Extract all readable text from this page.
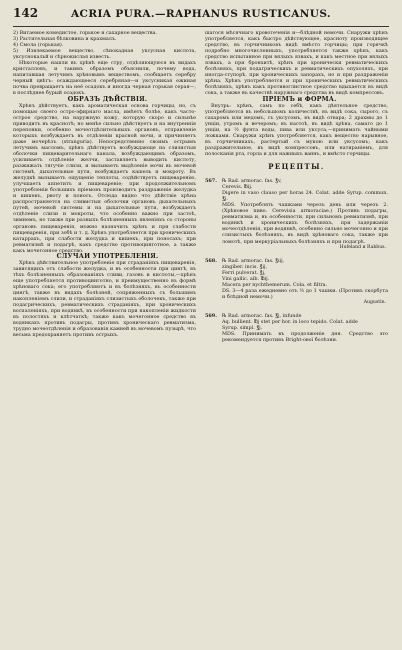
142	ACRIA PURA.—RAPHANUS RUSTICANUS.

2) Витаемое комедистое, горькое и сахарное вещества.

3) Растительная бѣлковина и крахмалъ.

4) Смола (горькая).

5) Извлекаемое вещество, сѣнокадная уксусная кислота, уксуснокальй и сѣрнокислая известь.

Нѣкоторые нашли въ хрѣнѣ еще стру, отдѣляющуюся въ видахъ кристалловъ, и такимъ образомъ объяснили, почему вода, напитавшая летучимъ хрѣновымъ веществомъ, сообщаетъ серебру черный цвѣтъ: осаждающееся серебряная—и уксусникая ежиная почва превращаетъ на неё осадокъ и иногда черная горькая серая—, в послѣднее бурый осадокъ.

ОБРАЗЪ ДѢЙСТВІЯ.

Хрѣнъ дѣйствуетъ, какъ ароматическая основа горчицы, но, съ помощью своего остро-эфирнаго масла, имѣетъ болѣе, какъ часто-острое средство, на наружную кожу, которую скоро и сильнѣе приводитъ въ краснотѣ; но менѣе сильно дѣйствуетъ и на внутреннія перепонки, особенно мочеотдѣлительныхъ органовъ, отправленіе которыхъ возбуждаетъ въ отдѣленіи красной мочи, и причиняетъ даже мочерѣзъ (stranguria). Непосредственно своимъ острымъ летучимъ масломъ, хрѣнъ дѣйствуетъ возбуждающе на слизистыя оболочки пищеварительнаго канала, возбуждающимъ образомъ, усиливаетъ отдѣленіе желчи, заставляетъ выводить кислоту, разжижать тягучіе слизи, и вызываетъ выдѣленіе мочи въ мочевой системѣ, дыхательные пути, возбуждаетъ кашель и мокроту. Въ желудкѣ вызываетъ ощущеніе теплоты, содѣйствуетъ пищеваренію, улучшаетъ аппетитъ и пищевареніе; при продолжительномъ употребленіи большихъ пріемовъ производитъ раздраженіе желудка и кишекъ, рвоту и поносъ. Отсюда видно что дѣйствіе хрѣна распространяется на сливистыя оболочки органовъ дыхательныхъ путей, мочевой системы и на дыхательные пути, возбуждаетъ отдѣленіе слизи и мокроты, что особенно важно при застоѣ, зимнемъ, но также при разныхъ болѣзненныхъ явленіяхъ со стороны органовъ пищеваренія, можно назначить хрѣнъ и при слабости пищеваренія, при зобѣ и т. д. Хрѣнъ употребляется при хроническихъ катаррахъ, при слабости желудка и кишекъ, при поносахъ; при ревматизмѣ и подагрѣ, какъ средство противоцинготное, а также какъ мочегонное средство.

СЛУЧАИ УПОТРЕБЛЕНІЯ.

Хрѣнъ дѣйствительное употребленіе при страданіяхъ пищеваренія, зависящихъ отъ слабости желудка, и въ особенности при цингѣ, въ тѣхъ болѣзненныхъ образованіяхъ сливи, газовъ и кислоты,—хрѣнъ еще употребляется противоцинготно, и преимущественно въ формѣ хрѣноваго сока; его употребляютъ и въ болѣзняхъ, въ особенности цингѣ, также въ видахъ болѣзней, сопряженныхъ съ большимъ накопленіемъ слизи, и страданіяхъ слизистыхъ оболочекъ, также при подагрическихъ, ревматическихъ страданіяхъ, при хроническихъ воспаленіяхъ, при водянкѣ, въ особенности при накопленіи жидкости въ полостяхъ и клѣтчаткѣ; также какъ мочегонное средство въ водянкахъ противъ подагры, противъ хроническаго ревматизма, трудно мочеотдѣленія и образованія камней въ мочевомъ пузырѣ, что весьма предохраняетъ противъ острыхъ.

шагося мѣсячнаго кровотеченія и—блѣдной немочи. Снаружи хрѣнъ употребляется, какъ быстро дѣйствующее, краснотy производящее средство, въ горчичниковъ видѣ вмѣсто горчицы; при горячкѣ подробно многочисленныхъ, употребляется также хрѣнъ, какъ средство испытанное при вялыхъ язвахъ, и какъ местное при вялыхъ язвахъ, а при бронхитѣ, хрѣнъ при хронически ревматическихъ болѣзняхъ, при подагрическихъ и ревматическихъ опухоляхъ, при иногда-ступорѣ, при хроническихъ запорахъ, но и при раздраженіи хрѣна. Хрѣнъ употребляется и при хроническихъ ревматическихъ болѣзняхъ, хрѣнъ какъ противоглистное средство вдыхается въ видѣ сока, а также въ качествѣ наружнаго средства въ видѣ компрессовъ.

ПРІЕМЪ и ФОРМА.

Внутрь: хрѣнъ, самъ по себѣ, какъ дѣятельное средство, употребляется въ небольшомъ количествѣ, въ видѣ сока, сырого, съ сахаромъ или медомъ, съ уксусомъ, въ видѣ отвара; 2 драхмы до 1 унціи, утромъ и вечеромъ; въ настоѣ, въ видѣ хрѣна, самаго до 1 унціи, на ½ фунта воды, пива или уксуса,—принимать чайными ложками. Снаружи хрѣнъ употребляется, какъ вещество нарывное, въ горчичникахъ, растертый съ мукою или уксусомъ; какъ раздражительное, въ видѣ компрессовъ, или натираніемъ, для полосканія рта, горла и для нажныхъ ваннъ, и вмѣсто горчицы.

РЕЦЕПТЫ.
567.	℞ Rad. armorac. fas. ℥v,
Cerevis. ℔ij.
Digere in vaso clauso per horas 24. Colat. adde Syrup. commun. ℥j.
MDS. Употреблять чашками черезъ день или черезъ 2. (Хрѣновое пиво. Cerevisia armoraciae.) Противъ подагры, ревматизма и, въ особенности, при сильномъ ревматизмѣ, при водянкѣ и хроническихъ болѣзняхъ, при задержаніи мочеотдѣленія, при водянкѣ, особенно сильно мочегонно и при слизистыхъ болѣзняхъ, въ видѣ хрѣноваго сока, также при ломотѣ, при меркуріальныхъ болѣзняхъ и при подагрѣ.
Hufeland и Rabbus.
568.	℞ Rad. armorac. fas. ℥iij,
zingiber. incis. ℥ij,
Ferri pulverat. ℥j,
Vini gallic. alb. ℔ij.
Macera per nychthemerum. Cola. et filtra.
DS. 3—4 раза ежедневно отъ ½ до 1 чашки. (Противъ скорбута и блѣдной немочи.)
Augustin.
569.	℞ Rad. armorac. fas. ℥j, infunde
Aq. bullient. ℔j stet per hor. in loco tepido. Colat. adde
Syrup. simpl. ℥j.
MDS. Принимать въ продолженіе дня. Средство это рекомендуется противъ Bright-ової болѣзни.
